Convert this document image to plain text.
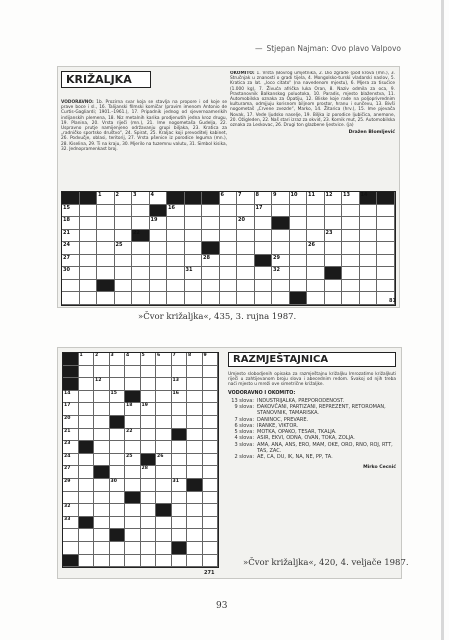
— Stjepan Najman: Ovo plavo Valpovo
KRIŽALJKA

VODORAVNO: 1b. Prozirna svar koja se stavlja na propore i od koje se prave boce i sl., 16. Talijanski filmski komičar (pravim imenom Antonio de Curtis-Gagliardi; 1901.–1961.), 17. Pripadnik jednog od sjevernoamerikih indijanskih plemena, 18. Niz metalnih karika prodjenutih jedna kroz drugu, 19. Planina, 20. Vrsta riječi (mn.), 21. Ime nogometaša Gudelja, 22. Uspravno prutje namijenjeno održavanju grupi biljaka, 23. Kratica za „radničko sportsko društvo“, 24. Spirat, 25. Kraljac koji prevoditelj kabinet, 26. Podvučje, oblasi, teritorij, 27. Vrsta pšenice iz porodice leguma (mn.), 28. Kiselina, 29. Ti na kraju, 30. Mjerilo na tuzemnu valutu, 31. Simbol kisika, 32. Jednopramenkast broj.

OKOMITO: 1. Vrsta (Bovrog umjetnika, 2. Dio zgrade (pod krova (mn.), 3. Stručnjak u znanosti o gradi tijela, 4. Mongolsko-turski vladarski naslov, 5. Kratica za lat. „loco citato“ (na navedenom mjestu), 6. Mjera za tisućice (1.000 kg), 7. Živuća afrička luka Oran, 8. Naziv odmila za oca, 9. Prastanovnik Balkanskog poluotoka, 10. Paradis, mjesto blaženstva, 11. Automobilska oznaka za Opatiju, 12. Bliske koje rade na poljoprivrednim kulturama, odmjjuju korisnom biljnom prostor, hranu i sunčevu, 13. Bivši nogometaš „Crvene zvezde“, Marko, 14. Žitarica (hrv.), 15. Ime pjevača Novak, 17. Vede ljudsko naselje, 19. Biljka iz porodice ljubičica, anemone, 20. Ožigleden, 22. Naš stari izraz za okvid, 23. Kornik mut, 25. Automobilska oznaka za Leskovac, 26. Drugi ton glazbene ljestvice. (ja)

Dražen Blomljević
1	2	3	4	6	7	8	9	10 11 12 13 14
15	16	17
18	19	20
21	22	23
24	25	26
27	28	29
30	31	32
81
»Čvor križaljka«, 435, 3. rujna 1987.
1	2	3	4	5	6	7	8	9
12	13
14	15	16
17	18 19
20
21	22
23
24	25	26
27	28
29	30	31
32
33
271
RAZMJEŠTAJNICA

Umjesto slobodjenih opisaka za razmještajnu križaljku Imrozatimo križaljkuti riječi u zahtijevanom broju slova i abecednim redom. Svakoj od njih treba naći mjesto u mreži ove simetrične križaljke.

VODORAVNO I OKOMITO:
13 slova: INDUSTRIJALKA, PREPORODENOST.
9 slova: ĐAKOVČANI, PARTIZANI, REPREZENT, RETOROMAN, STANOVNIK, TAMARISKA.
7 slova: DANINOC, PREVARE.
6 slova: IRANKE, VIKTOR.
5 slova: MOTKA, OPAKO, TESAR, TKALJA.
4 slova: ASIR, EKVI, ODNA, OVAN, TOKA, ZOLJA.
3 slova: AMA, ANA, ANS, ERO, MAM, OKE, ORO, RNO, ROJ, RTT, TAS, ZAC.
2 slova: AE, CA, DU, IK, NA, NE, PP, TA.
Mirko Cecnić
»Čvor križaljka«, 420, 4. veljače 1987.
93
